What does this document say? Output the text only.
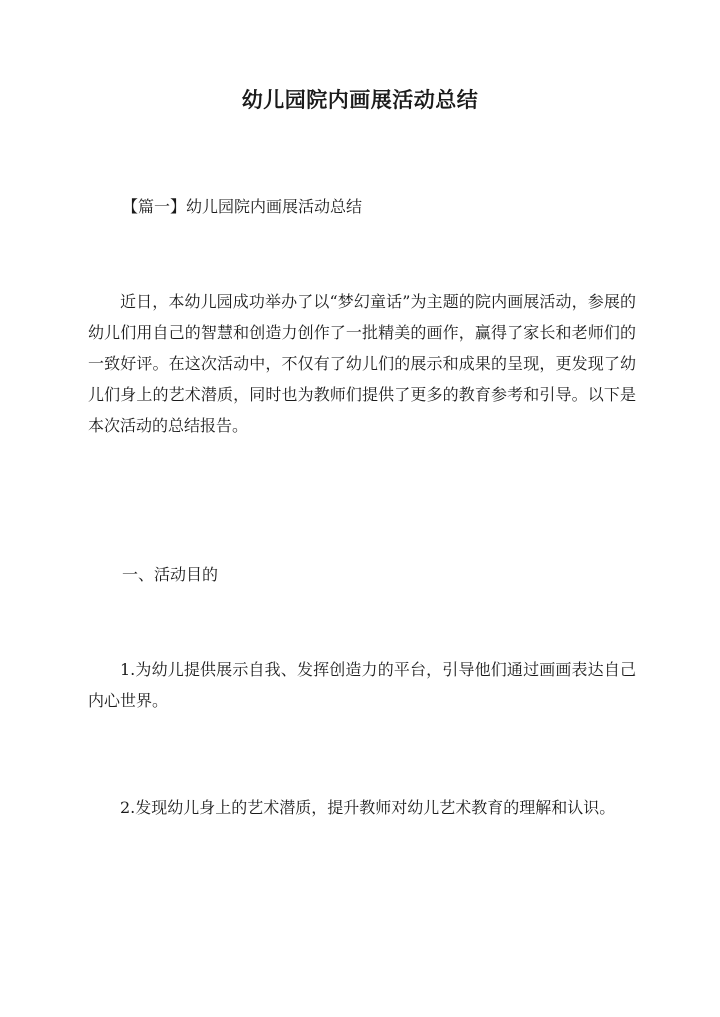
幼儿园院内画展活动总结
【篇一】幼儿园院内画展活动总结
近日，本幼儿园成功举办了以“梦幻童话”为主题的院内画展活动，参展的幼儿们用自己的智慧和创造力创作了一批精美的画作，赢得了家长和老师们的一致好评。在这次活动中，不仅有了幼儿们的展示和成果的呈现，更发现了幼儿们身上的艺术潜质，同时也为教师们提供了更多的教育参考和引导。以下是本次活动的总结报告。
一、活动目的
1.为幼儿提供展示自我、发挥创造力的平台，引导他们通过画画表达自己内心世界。
2.发现幼儿身上的艺术潜质，提升教师对幼儿艺术教育的理解和认识。
